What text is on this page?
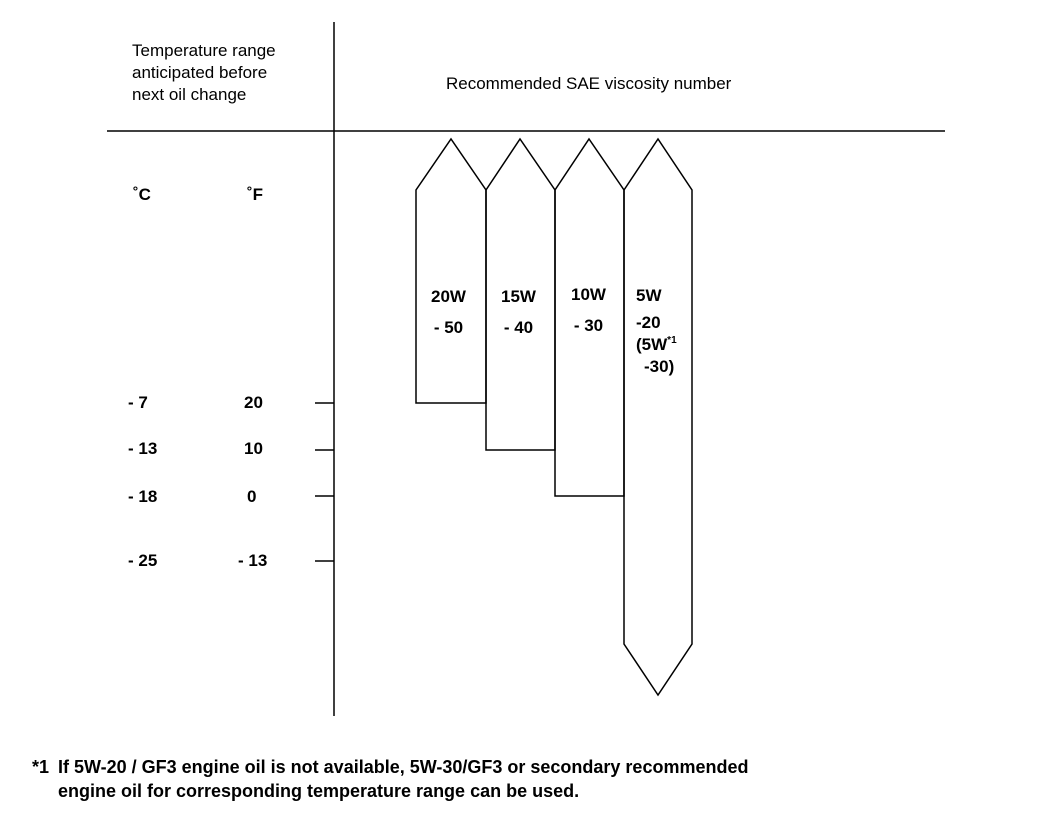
Temperature range
anticipated before
next oil change
Recommended SAE viscosity number
˚C	˚F
- 7	20
- 13	10
- 18	0
- 25	- 13
20W
- 50
15W
- 40
10W
- 30
5W
-20
($5W^{*1}$
-30)
*1 If 5W-20 / GF3 engine oil is not available, 5W-30/GF3 or secondary recommended
engine oil for corresponding temperature range can be used.
